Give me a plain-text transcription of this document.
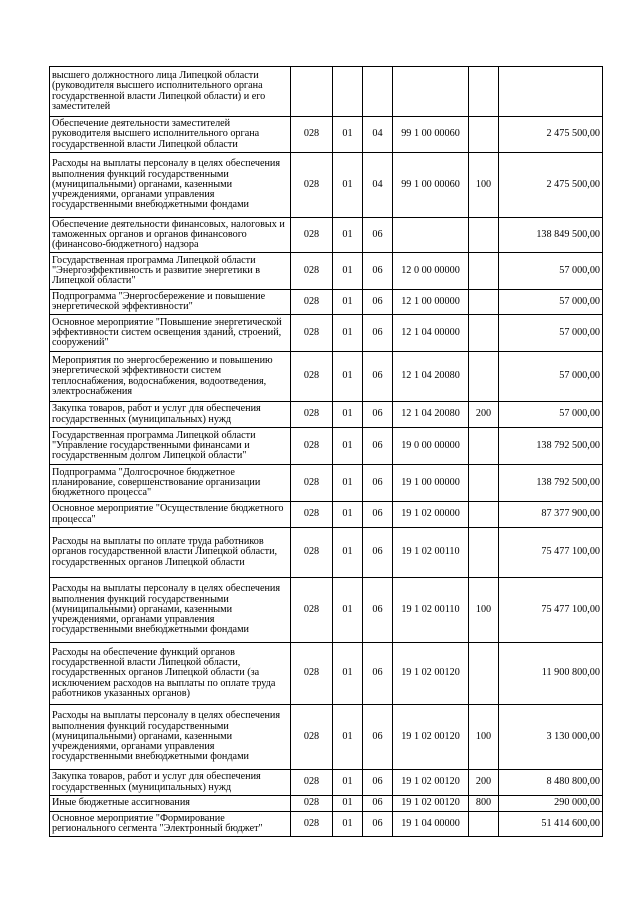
высшего должностного лица Липецкой области (руководителя высшего исполнительного органа государственной власти Липецкой области) и его заместителей						
Обеспечение деятельности заместителей руководителя высшего исполнительного органа государственной власти Липецкой области	028	01	04	99 1 00 00060		2 475 500,00
Расходы на выплаты персоналу в целях обеспечения выполнения функций государственными (муниципальными) органами, казенными учреждениями, органами управления государственными внебюджетными фондами	028	01	04	99 1 00 00060	100	2 475 500,00
Обеспечение деятельности финансовых, налоговых и таможенных органов и органов финансового (финансово-бюджетного) надзора	028	01	06			138 849 500,00
Государственная программа Липецкой области "Энергоэффективность и развитие энергетики в Липецкой области"	028	01	06	12 0 00 00000		57 000,00
Подпрограмма "Энергосбережение и повышение энергетической эффективности"	028	01	06	12 1 00 00000		57 000,00
Основное мероприятие "Повышение энергетической эффективности систем освещения зданий, строений, сооружений"	028	01	06	12 1 04 00000		57 000,00
Мероприятия по энергосбережению и повышению энергетической эффективности систем теплоснабжения, водоснабжения, водоотведения, электроснабжения	028	01	06	12 1 04 20080		57 000,00
Закупка товаров, работ и услуг для обеспечения государственных (муниципальных) нужд	028	01	06	12 1 04 20080	200	57 000,00
Государственная программа Липецкой области "Управление государственными финансами и государственным долгом Липецкой области"	028	01	06	19 0 00 00000		138 792 500,00
Подпрограмма "Долгосрочное бюджетное планирование, совершенствование организации бюджетного процесса"	028	01	06	19 1 00 00000		138 792 500,00
Основное мероприятие "Осуществление бюджетного процесса"	028	01	06	19 1 02 00000		87 377 900,00
Расходы на выплаты по оплате труда работников органов государственной власти Липецкой области, государственных органов Липецкой области	028	01	06	19 1 02 00110		75 477 100,00
Расходы на выплаты персоналу в целях обеспечения выполнения функций государственными (муниципальными) органами, казенными учреждениями, органами управления государственными внебюджетными фондами	028	01	06	19 1 02 00110	100	75 477 100,00
Расходы на обеспечение функций органов государственной власти Липецкой области, государственных органов Липецкой области (за исключением расходов на выплаты по оплате труда работников указанных органов)	028	01	06	19 1 02 00120		11 900 800,00
Расходы на выплаты персоналу в целях обеспечения выполнения функций государственными (муниципальными) органами, казенными учреждениями, органами управления государственными внебюджетными фондами	028	01	06	19 1 02 00120	100	3 130 000,00
Закупка товаров, работ и услуг для обеспечения государственных (муниципальных) нужд	028	01	06	19 1 02 00120	200	8 480 800,00
Иные бюджетные ассигнования	028	01	06	19 1 02 00120	800	290 000,00
Основное мероприятие "Формирование регионального сегмента "Электронный бюджет"	028	01	06	19 1 04 00000		51 414 600,00
